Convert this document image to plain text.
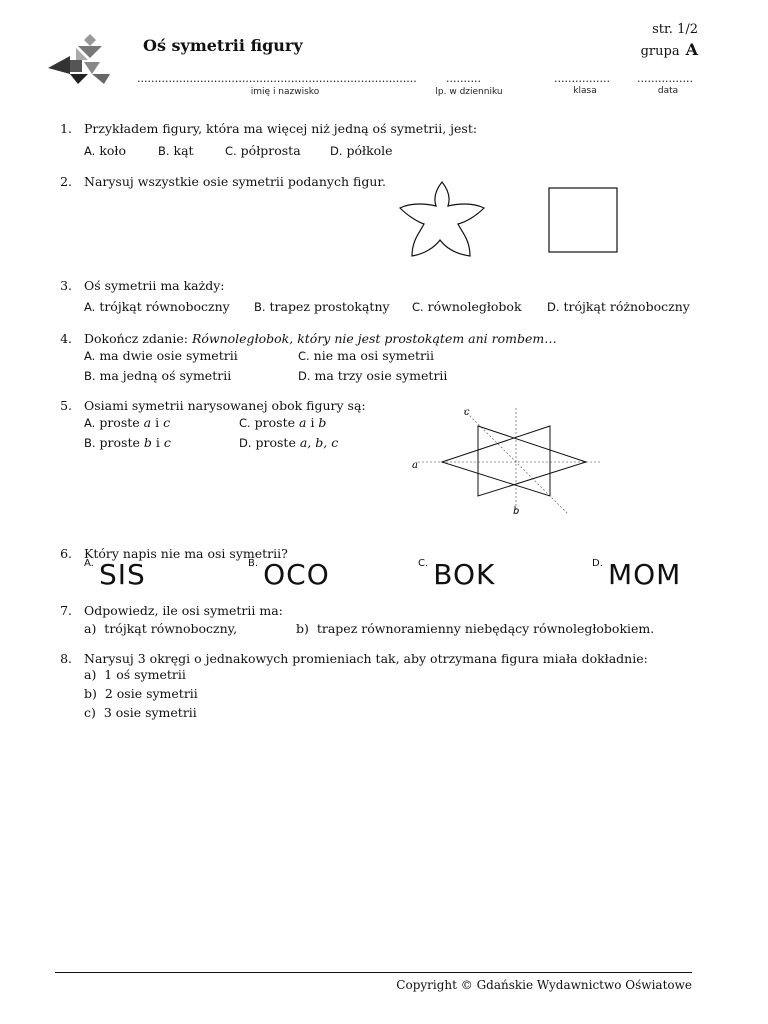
Oś symetrii figury
str. 1/2
grupa A
................................................................................
imię i nazwisko
..........
lp. w dzienniku
................
klasa
................
data
1. Przykładem figury, która ma więcej niż jedną oś symetrii, jest:
A. koło	B. kąt	C. półprosta	D. półkole
2. Narysuj wszystkie osie symetrii podanych figur.
3. Oś symetrii ma każdy:
A. trójkąt równoboczny B. trapez prostokątny C. równoległobok D. trójkąt różnoboczny
4. Dokończ zdanie: Równoległobok, który nie jest prostokątem ani rombem…
A. ma dwie osie symetrii	C. nie ma osi symetrii
B. ma jedną oś symetrii	D. ma trzy osie symetrii
5. Osiami symetrii narysowanej obok figury są:
A. proste a i c	C. proste a i b
B. proste b i c	D. proste a, b, c
a
b
c
6. Który napis nie ma osi symetrii?
$^{A.}$ SIS	$^{B.}$ OCO	$^{C.}$ BOK	$^{D.}$ MOM
7. Odpowiedz, ile osi symetrii ma:
a) trójkąt równoboczny,	b) trapez równoramienny niebędący równoległobokiem.
8. Narysuj 3 okręgi o jednakowych promieniach tak, aby otrzymana figura miała dokładnie:
a) 1 oś symetrii
b) 2 osie symetrii
c) 3 osie symetrii
Copyright © Gdańskie Wydawnictwo Oświatowe
